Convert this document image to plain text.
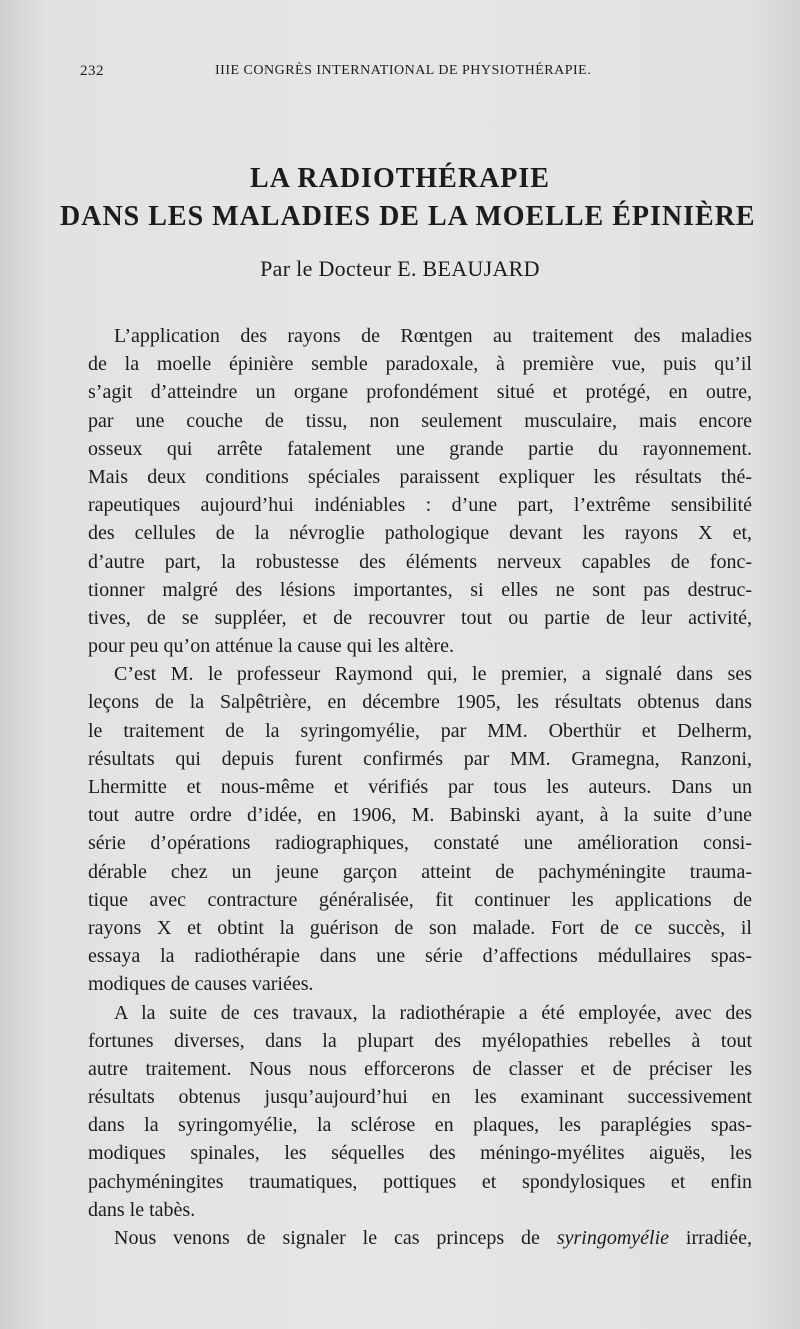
232	IIIE CONGRÈS INTERNATIONAL DE PHYSIOTHÉRAPIE.
LA RADIOTHÉRAPIE
DANS LES MALADIES DE LA MOELLE ÉPINIÈRE
Par le Docteur E. BEAUJARD
L’application des rayons de Rœntgen au traitement des maladies
de la moelle épinière semble paradoxale, à première vue, puis qu’il
s’agit d’atteindre un organe profondément situé et protégé, en outre,
par une couche de tissu, non seulement musculaire, mais encore
osseux qui arrête fatalement une grande partie du rayonnement.
Mais deux conditions spéciales paraissent expliquer les résultats thé-
rapeutiques aujourd’hui indéniables : d’une part, l’extrême sensibilité
des cellules de la névroglie pathologique devant les rayons X et,
d’autre part, la robustesse des éléments nerveux capables de fonc-
tionner malgré des lésions importantes, si elles ne sont pas destruc-
tives, de se suppléer, et de recouvrer tout ou partie de leur activité,
pour peu qu’on atténue la cause qui les altère.
C’est M. le professeur Raymond qui, le premier, a signalé dans ses
leçons de la Salpêtrière, en décembre 1905, les résultats obtenus dans
le traitement de la syringomyélie, par MM. Oberthür et Delherm,
résultats qui depuis furent confirmés par MM. Gramegna, Ranzoni,
Lhermitte et nous-même et vérifiés par tous les auteurs. Dans un
tout autre ordre d’idée, en 1906, M. Babinski ayant, à la suite d’une
série d’opérations radiographiques, constaté une amélioration consi-
dérable chez un jeune garçon atteint de pachyméningite trauma-
tique avec contracture généralisée, fit continuer les applications de
rayons X et obtint la guérison de son malade. Fort de ce succès, il
essaya la radiothérapie dans une série d’affections médullaires spas-
modiques de causes variées.
A la suite de ces travaux, la radiothérapie a été employée, avec des
fortunes diverses, dans la plupart des myélopathies rebelles à tout
autre traitement. Nous nous efforcerons de classer et de préciser les
résultats obtenus jusqu’aujourd’hui en les examinant successivement
dans la syringomyélie, la sclérose en plaques, les paraplégies spas-
modiques spinales, les séquelles des méningo-myélites aiguës, les
pachyméningites traumatiques, pottiques et spondylosiques et enfin
dans le tabès.
Nous venons de signaler le cas princeps de syringomyélie irradiée,
